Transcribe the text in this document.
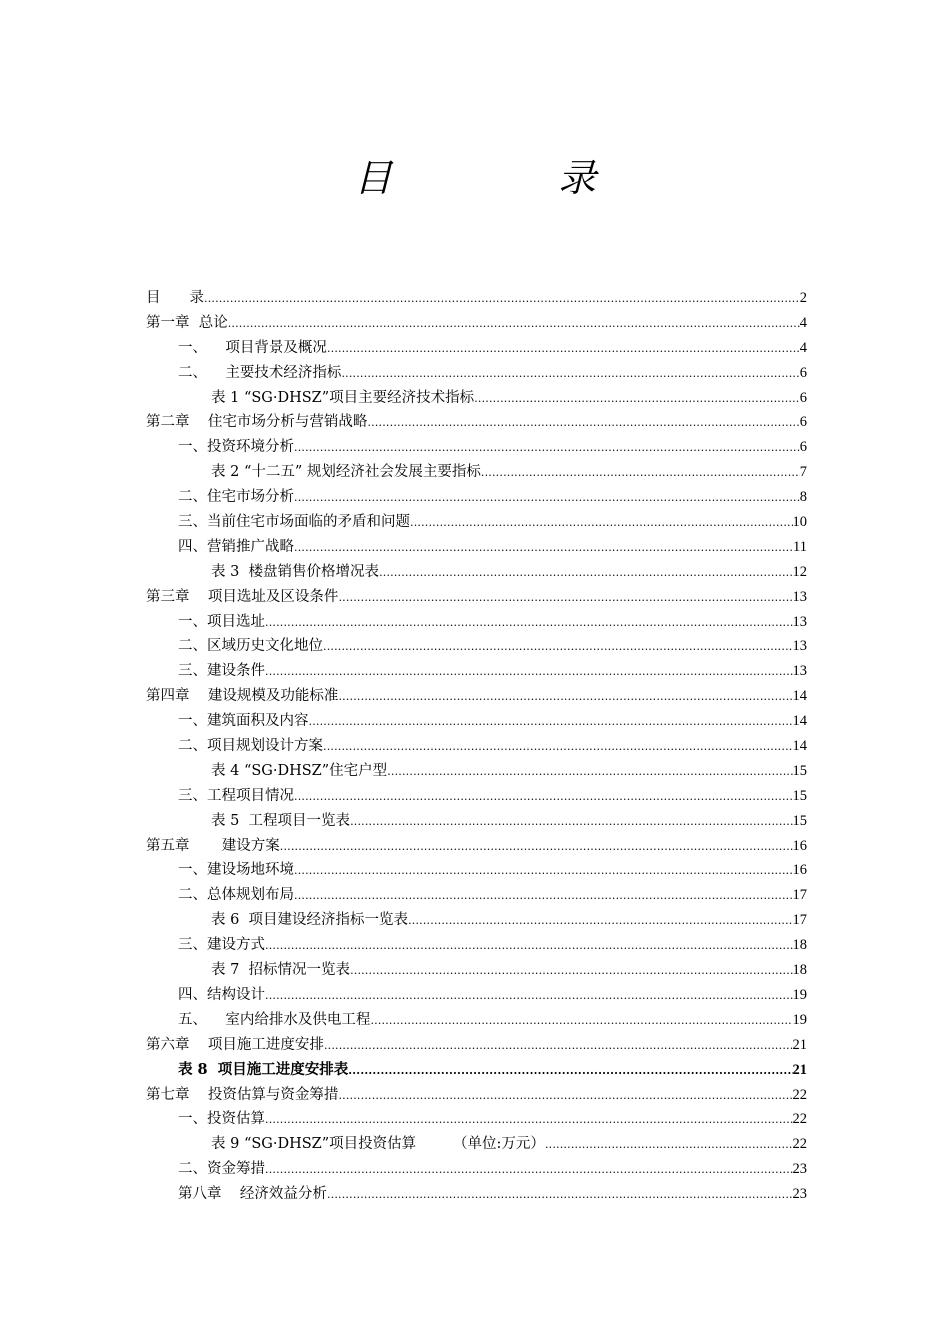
目　录
目　　录 .....	2
第一章  总论 .....	4
一、    项目背景及概况 .....	4
二、    主要技术经济指标 .....	6
表 1 “SG·DHSZ”项目主要经济技术指标 .....	6
第二章    住宅市场分析与营销战略 .....	6
一、投资环境分析 .....	6
表 2 “十二五” 规划经济社会发展主要指标 .....	7
二、住宅市场分析 .....	8
三、当前住宅市场面临的矛盾和问题 .....	10
四、营销推广战略 .....	11
表 3  楼盘销售价格增况表 .....	12
第三章    项目选址及区设条件 .....	13
一、项目选址 .....	13
二、区域历史文化地位 .....	13
三、建设条件 .....	13
第四章    建设规模及功能标准 .....	14
一、建筑面积及内容 .....	14
二、项目规划设计方案 .....	14
表 4 “SG·DHSZ”住宅户型 .....	15
三、工程项目情况 .....	15
表 5  工程项目一览表 .....	15
第五章       建设方案 .....	16
一、建设场地环境 .....	16
二、总体规划布局 .....	17
表 6  项目建设经济指标一览表 .....	17
三、建设方式 .....	18
表 7  招标情况一览表 .....	18
四、结构设计 .....	19
五、    室内给排水及供电工程 .....	19
第六章    项目施工进度安排 .....	21
表 8  项目施工进度安排表 .....	21
第七章    投资估算与资金筹措 .....	22
一、投资估算 .....	22
表 9 “SG·DHSZ”项目投资估算        （单位:万元） .....	22
二、资金筹措 .....	23
第八章    经济效益分析 .....	23
